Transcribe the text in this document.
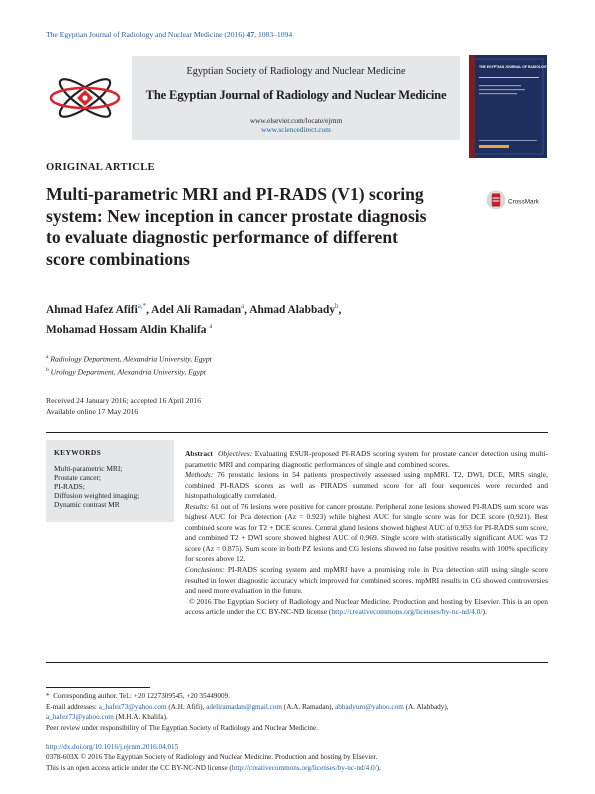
The Egyptian Journal of Radiology and Nuclear Medicine (2016) 47, 1083–1094
Egyptian Society of Radiology and Nuclear Medicine
The Egyptian Journal of Radiology and Nuclear Medicine
www.elsevier.com/locate/ejrnm
www.sciencedirect.com
THE EGYPTIAN JOURNAL OF RADIOLOGY AND NUCLEAR MEDICINE
ORIGINAL ARTICLE
Multi-parametric MRI and PI-RADS (V1) scoring
system: New inception in cancer prostate diagnosis
to evaluate diagnostic performance of different
score combinations
CrossMark
Ahmad Hafez Afifi$^{a,*}$, Adel Ali Ramadan$^a$, Ahmad Alabbady$^b$,
Mohamad Hossam Aldin Khalifa $^a$
$^a$ Radiology Department, Alexandria University, Egypt
$^b$ Urology Department, Alexandria University, Egypt
Received 24 January 2016; accepted 16 April 2016
Available online 17 May 2016
KEYWORDS
Multi-parametric MRI;
Prostate cancer;
PI-RADS;
Diffusion weighted imaging;
Dynamic contrast MR

Abstract Objectives: Evaluating ESUR-proposed PI-RADS scoring system for prostate cancer detection using multi-parametric MRI and comparing diagnostic performances of single and combined scores.

Methods: 76 prostatic lesions in 54 patients prospectively assessed using mpMRI. T2, DWI, DCE, MRS single, combined PI-RADS scores as well as PIRADS summed score for all four sequences were recorded and histopathologically correlated.

Results: 61 out of 76 lesions were positive for cancer prostate. Peripheral zone lesions showed PI-RADS sum score was highest AUC for Pca detection (Az = 0.923) while highest AUC for single score was for DCE score (0.921). Best combined score was for T2 + DCE scores. Central gland lesions showed highest AUC of 0.953 for PI-RADS sum score, and combined T2 + DWI score showed highest AUC of 0.969. Single score with statistically significant AUC was T2 score (Az = 0.875). Sum score in both PZ lesions and CG lesions showed no false positive results with 100% specificity for scores above 12.

Conclusions: PI-RADS scoring system and mpMRI have a promising role in Pca detection still using single score resulted in lower diagnostic accuracy which improved for combined scores. mpMRI results in CG showed controversies and need more evaluation in the future.

© 2016 The Egyptian Society of Radiology and Nuclear Medicine. Production and hosting by Elsevier. This is an open access article under the CC BY-NC-ND license (http://creativecommons.org/licenses/by-nc-nd/4.0/).

* Corresponding author. Tel.: +20 1227309545, +20 35449009.
E-mail addresses: a_hafez73@yahoo.com (A.H. Afifi), adeliramadan@gmail.com (A.A. Ramadan), abbadyuro@yahoo.com (A. Alabbady),
a_hafez73@yahoo.com (M.H.A. Khalifa).
Peer review under responsibility of The Egyptian Society of Radiology and Nuclear Medicine.
http://dx.doi.org/10.1016/j.ejrnm.2016.04.015
0378-603X © 2016 The Egyptian Society of Radiology and Nuclear Medicine. Production and hosting by Elsevier.
This is an open access article under the CC BY-NC-ND license (http://creativecommons.org/licenses/by-nc-nd/4.0/).
